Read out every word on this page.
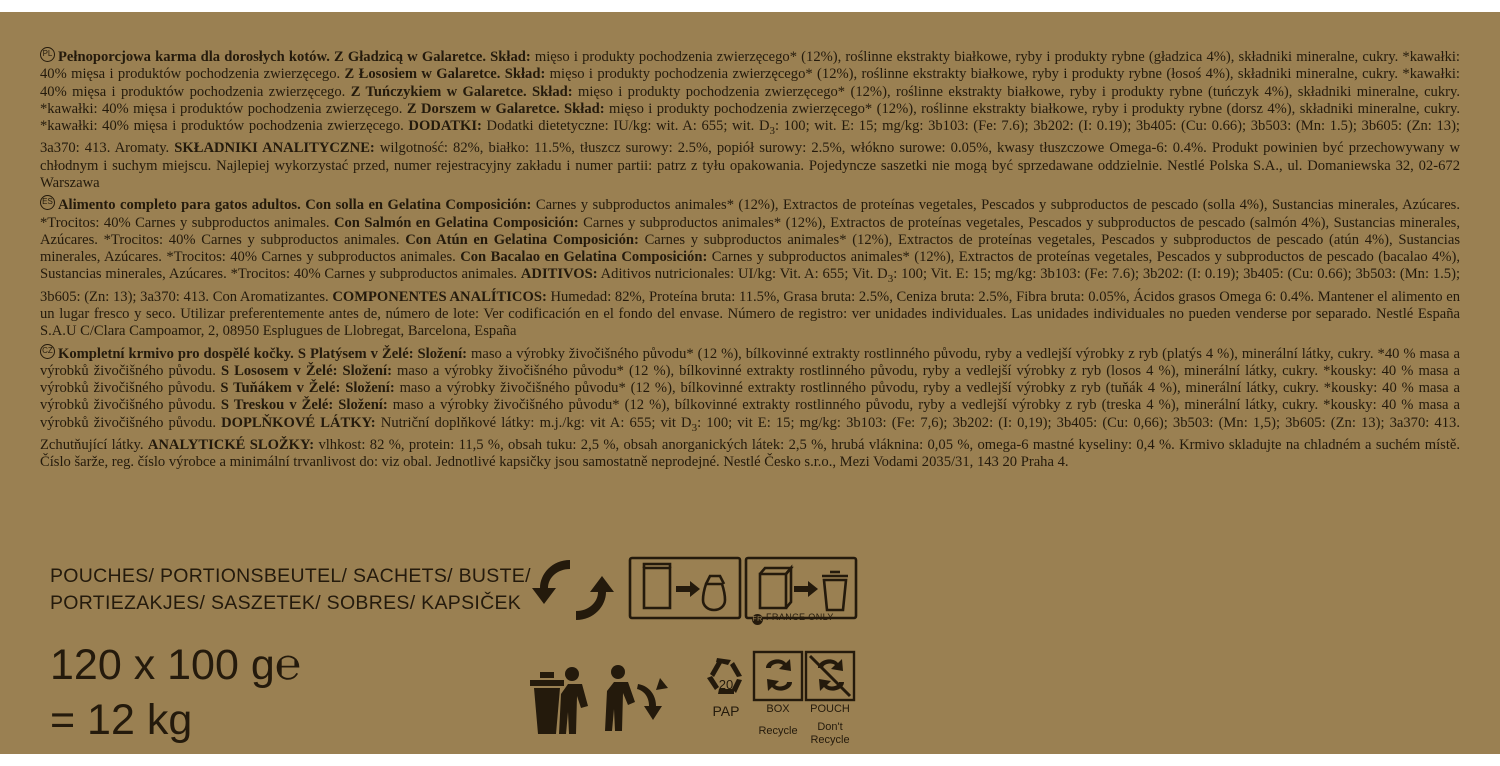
PL Pełnoporcjowa karma dla dorosłych kotów. Z Gładzicą w Galaretce. Skład: mięso i produkty pochodzenia zwierzęcego* (12%), roślinne ekstrakty białkowe, ryby i produkty rybne (gładzica 4%), składniki mineralne, cukry. *kawałki: 40% mięsa i produktów pochodzenia zwierzęcego. Z Łososiem w Galaretce. Skład: mięso i produkty pochodzenia zwierzęcego* (12%), roślinne ekstrakty białkowe, ryby i produkty rybne (łosoś 4%), składniki mineralne, cukry. *kawałki: 40% mięsa i produktów pochodzenia zwierzęcego. Z Tuńczykiem w Galaretce. Skład: mięso i produkty pochodzenia zwierzęcego* (12%), roślinne ekstrakty białkowe, ryby i produkty rybne (tuńczyk 4%), składniki mineralne, cukry. *kawałki: 40% mięsa i produktów pochodzenia zwierzęcego. Z Dorszem w Galaretce. Skład: mięso i produkty pochodzenia zwierzęcego* (12%), roślinne ekstrakty białkowe, ryby i produkty rybne (dorsz 4%), składniki mineralne, cukry. *kawałki: 40% mięsa i produktów pochodzenia zwierzęcego. DODATKI: Dodatki dietetyczne: IU/kg: wit. A: 655; wit. $D_3$: 100; wit. E: 15; mg/kg: 3b103: (Fe: 7.6); 3b202: (I: 0.19); 3b405: (Cu: 0.66); 3b503: (Mn: 1.5); 3b605: (Zn: 13); 3a370: 413. Aromaty. SKŁADNIKI ANALITYCZNE: wilgotność: 82%, białko: 11.5%, tłuszcz surowy: 2.5%, popiół surowy: 2.5%, włókno surowe: 0.05%, kwasy tłuszczowe Omega-6: 0.4%. Produkt powinien być przechowywany w chłodnym i suchym miejscu. Najlepiej wykorzystać przed, numer rejestracyjny zakładu i numer partii: patrz z tyłu opakowania. Pojedyncze saszetki nie mogą być sprzedawane oddzielnie. Nestlé Polska S.A., ul. Domaniewska 32, 02-672 Warszawa
ES Alimento completo para gatos adultos. Con solla en Gelatina Composición: Carnes y subproductos animales* (12%), Extractos de proteínas vegetales, Pescados y subproductos de pescado (solla 4%), Sustancias minerales, Azúcares. *Trocitos: 40% Carnes y subproductos animales. Con Salmón en Gelatina Composición: Carnes y subproductos animales* (12%), Extractos de proteínas vegetales, Pescados y subproductos de pescado (salmón 4%), Sustancias minerales, Azúcares. *Trocitos: 40% Carnes y subproductos animales. Con Atún en Gelatina Composición: Carnes y subproductos animales* (12%), Extractos de proteínas vegetales, Pescados y subproductos de pescado (atún 4%), Sustancias minerales, Azúcares. *Trocitos: 40% Carnes y subproductos animales. Con Bacalao en Gelatina Composición: Carnes y subproductos animales* (12%), Extractos de proteínas vegetales, Pescados y subproductos de pescado (bacalao 4%), Sustancias minerales, Azúcares. *Trocitos: 40% Carnes y subproductos animales. ADITIVOS: Aditivos nutricionales: UI/kg: Vit. A: 655; Vit. $D_3$: 100; Vit. E: 15; mg/kg: 3b103: (Fe: 7.6); 3b202: (I: 0.19); 3b405: (Cu: 0.66); 3b503: (Mn: 1.5); 3b605: (Zn: 13); 3a370: 413. Con Aromatizantes. COMPONENTES ANALÍTICOS: Humedad: 82%, Proteína bruta: 11.5%, Grasa bruta: 2.5%, Ceniza bruta: 2.5%, Fibra bruta: 0.05%, Ácidos grasos Omega 6: 0.4%. Mantener el alimento en un lugar fresco y seco. Utilizar preferentemente antes de, número de lote: Ver codificación en el fondo del envase. Número de registro: ver unidades individuales. Las unidades individuales no pueden venderse por separado. Nestlé España S.A.U C/Clara Campoamor, 2, 08950 Esplugues de Llobregat, Barcelona, España
CZ Kompletní krmivo pro dospělé kočky. S Platýsem v Želé: Složení: maso a výrobky živočišného původu* (12 %), bílkovinné extrakty rostlinného původu, ryby a vedlejší výrobky z ryb (platýs 4 %), minerální látky, cukry. *40 % masa a výrobků živočišného původu. S Lososem v Želé: Složení: maso a výrobky živočišného původu* (12 %), bílkovinné extrakty rostlinného původu, ryby a vedlejší výrobky z ryb (losos 4 %), minerální látky, cukry. *kousky: 40 % masa a výrobků živočišného původu. S Tuňákem v Želé: Složení: maso a výrobky živočišného původu* (12 %), bílkovinné extrakty rostlinného původu, ryby a vedlejší výrobky z ryb (tuňák 4 %), minerální látky, cukry. *kousky: 40 % masa a výrobků živočišného původu. S Treskou v Želé: Složení: maso a výrobky živočišného původu* (12 %), bílkovinné extrakty rostlinného původu, ryby a vedlejší výrobky z ryb (treska 4 %), minerální látky, cukry. *kousky: 40 % masa a výrobků živočišného původu. DOPLŇKOVÉ LÁTKY: Nutriční doplňkové látky: m.j./kg: vit A: 655; vit $D_3$: 100; vit E: 15; mg/kg: 3b103: (Fe: 7,6); 3b202: (I: 0,19); 3b405: (Cu: 0,66); 3b503: (Mn: 1,5); 3b605: (Zn: 13); 3a370: 413. Zchutňující látky. ANALYTICKÉ SLOŽKY: vlhkost: 82 %, protein: 11,5 %, obsah tuku: 2,5 %, obsah anorganických látek: 2,5 %, hrubá vláknina: 0,05 %, omega-6 mastné kyseliny: 0,4 %. Krmivo skladujte na chladném a suchém místě. Číslo šarže, reg. číslo výrobce a minimální trvanlivost do: viz obal. Jednotlivé kapsičky jsou samostatně neprodejné. Nestlé Česko s.r.o., Mezi Vodami 2035/31, 143 20 Praha 4.
POUCHES/ PORTIONSBEUTEL/ SACHETS/ BUSTE/
PORTIEZAKJES/ SASZETEK/ SOBRES/ KAPSIČEK
120 x 100 g℮
= 12 kg
FR FRANCE ONLY
20
PAP BOX
Recycle
POUCH
Don't
Recycle
